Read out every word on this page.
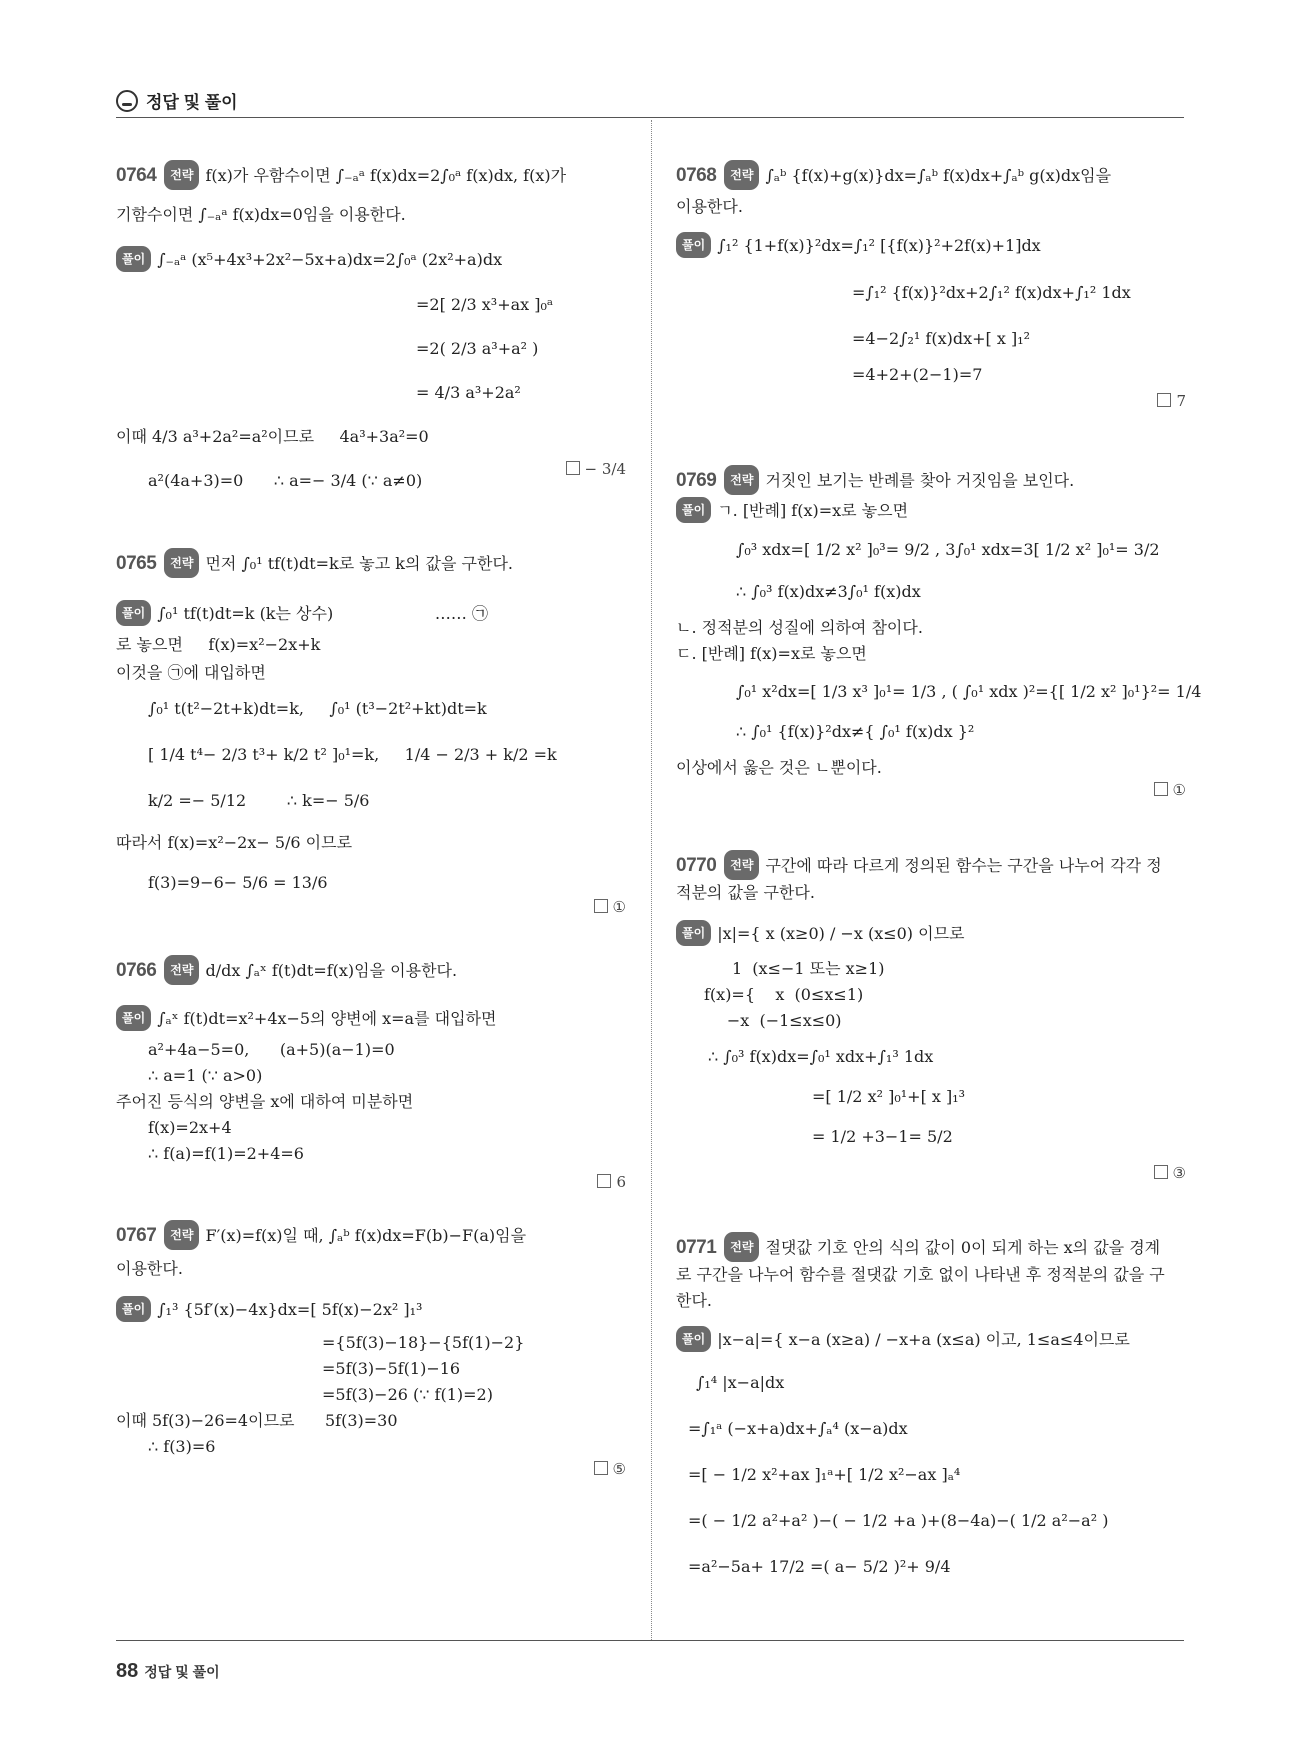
정답 및 풀이
0764 전략 f(x)가 우함수이면 ∫₋ₐᵃ f(x)dx=2∫₀ᵃ f(x)dx, f(x)가
기함수이면 ∫₋ₐᵃ f(x)dx=0임을 이용한다.
풀이 ∫₋ₐᵃ (x⁵+4x³+2x²−5x+a)dx=2∫₀ᵃ (2x²+a)dx
=2[ 2/3 x³+ax ]₀ᵃ
=2( 2/3 a³+a² )
= 4/3 a³+2a²
이때 4/3 a³+2a²=a²이므로     4a³+3a²=0
a²(4a+3)=0      ∴ a=− 3/4 (∵ a≠0)
− 3/4
0765 전략 먼저 ∫₀¹ tf(t)dt=k로 놓고 k의 값을 구한다.
풀이 ∫₀¹ tf(t)dt=k (k는 상수)                    …… ㉠
로 놓으면     f(x)=x²−2x+k
이것을 ㉠에 대입하면
∫₀¹ t(t²−2t+k)dt=k,     ∫₀¹ (t³−2t²+kt)dt=k
[ 1/4 t⁴− 2/3 t³+ k/2 t² ]₀¹=k,     1/4 − 2/3 + k/2 =k
k/2 =− 5/12        ∴ k=− 5/6
따라서 f(x)=x²−2x− 5/6 이므로
f(3)=9−6− 5/6 = 13/6
①
0766 전략 d/dx ∫ₐˣ f(t)dt=f(x)임을 이용한다.
풀이 ∫ₐˣ f(t)dt=x²+4x−5의 양변에 x=a를 대입하면
a²+4a−5=0,      (a+5)(a−1)=0
∴ a=1 (∵ a>0)
주어진 등식의 양변을 x에 대하여 미분하면
f(x)=2x+4
∴ f(a)=f(1)=2+4=6
6
0767 전략 F′(x)=f(x)일 때, ∫ₐᵇ f(x)dx=F(b)−F(a)임을
이용한다.
풀이 ∫₁³ {5f′(x)−4x}dx=[ 5f(x)−2x² ]₁³
={5f(3)−18}−{5f(1)−2}
=5f(3)−5f(1)−16
=5f(3)−26 (∵ f(1)=2)
이때 5f(3)−26=4이므로      5f(3)=30
∴ f(3)=6
⑤
0768 전략 ∫ₐᵇ {f(x)+g(x)}dx=∫ₐᵇ f(x)dx+∫ₐᵇ g(x)dx임을
이용한다.
풀이 ∫₁² {1+f(x)}²dx=∫₁² [{f(x)}²+2f(x)+1]dx
=∫₁² {f(x)}²dx+2∫₁² f(x)dx+∫₁² 1dx
=4−2∫₂¹ f(x)dx+[ x ]₁²
=4+2+(2−1)=7
7
0769 전략 거짓인 보기는 반례를 찾아 거짓임을 보인다.
풀이 ㄱ. [반례] f(x)=x로 놓으면
∫₀³ xdx=[ 1/2 x² ]₀³= 9/2 , 3∫₀¹ xdx=3[ 1/2 x² ]₀¹= 3/2
∴ ∫₀³ f(x)dx≠3∫₀¹ f(x)dx
ㄴ. 정적분의 성질에 의하여 참이다.
ㄷ. [반례] f(x)=x로 놓으면
∫₀¹ x²dx=[ 1/3 x³ ]₀¹= 1/3 , ( ∫₀¹ xdx )²={[ 1/2 x² ]₀¹}²= 1/4
∴ ∫₀¹ {f(x)}²dx≠{ ∫₀¹ f(x)dx }²
이상에서 옳은 것은 ㄴ뿐이다.
①
0770 전략 구간에 따라 다르게 정의된 함수는 구간을 나누어 각각 정
적분의 값을 구한다.
풀이 |x|={ x (x≥0) / −x (x≤0) 이므로
1  (x≤−1 또는 x≥1)
f(x)={    x  (0≤x≤1)
−x  (−1≤x≤0)
∴ ∫₀³ f(x)dx=∫₀¹ xdx+∫₁³ 1dx
=[ 1/2 x² ]₀¹+[ x ]₁³
= 1/2 +3−1= 5/2
③
0771 전략 절댓값 기호 안의 식의 값이 0이 되게 하는 x의 값을 경계
로 구간을 나누어 함수를 절댓값 기호 없이 나타낸 후 정적분의 값을 구
한다.
풀이 |x−a|={ x−a (x≥a) / −x+a (x≤a) 이고, 1≤a≤4이므로
∫₁⁴ |x−a|dx
=∫₁ᵃ (−x+a)dx+∫ₐ⁴ (x−a)dx
=[ − 1/2 x²+ax ]₁ᵃ+[ 1/2 x²−ax ]ₐ⁴
=( − 1/2 a²+a² )−( − 1/2 +a )+(8−4a)−( 1/2 a²−a² )
=a²−5a+ 17/2 =( a− 5/2 )²+ 9/4
88 정답 및 풀이
